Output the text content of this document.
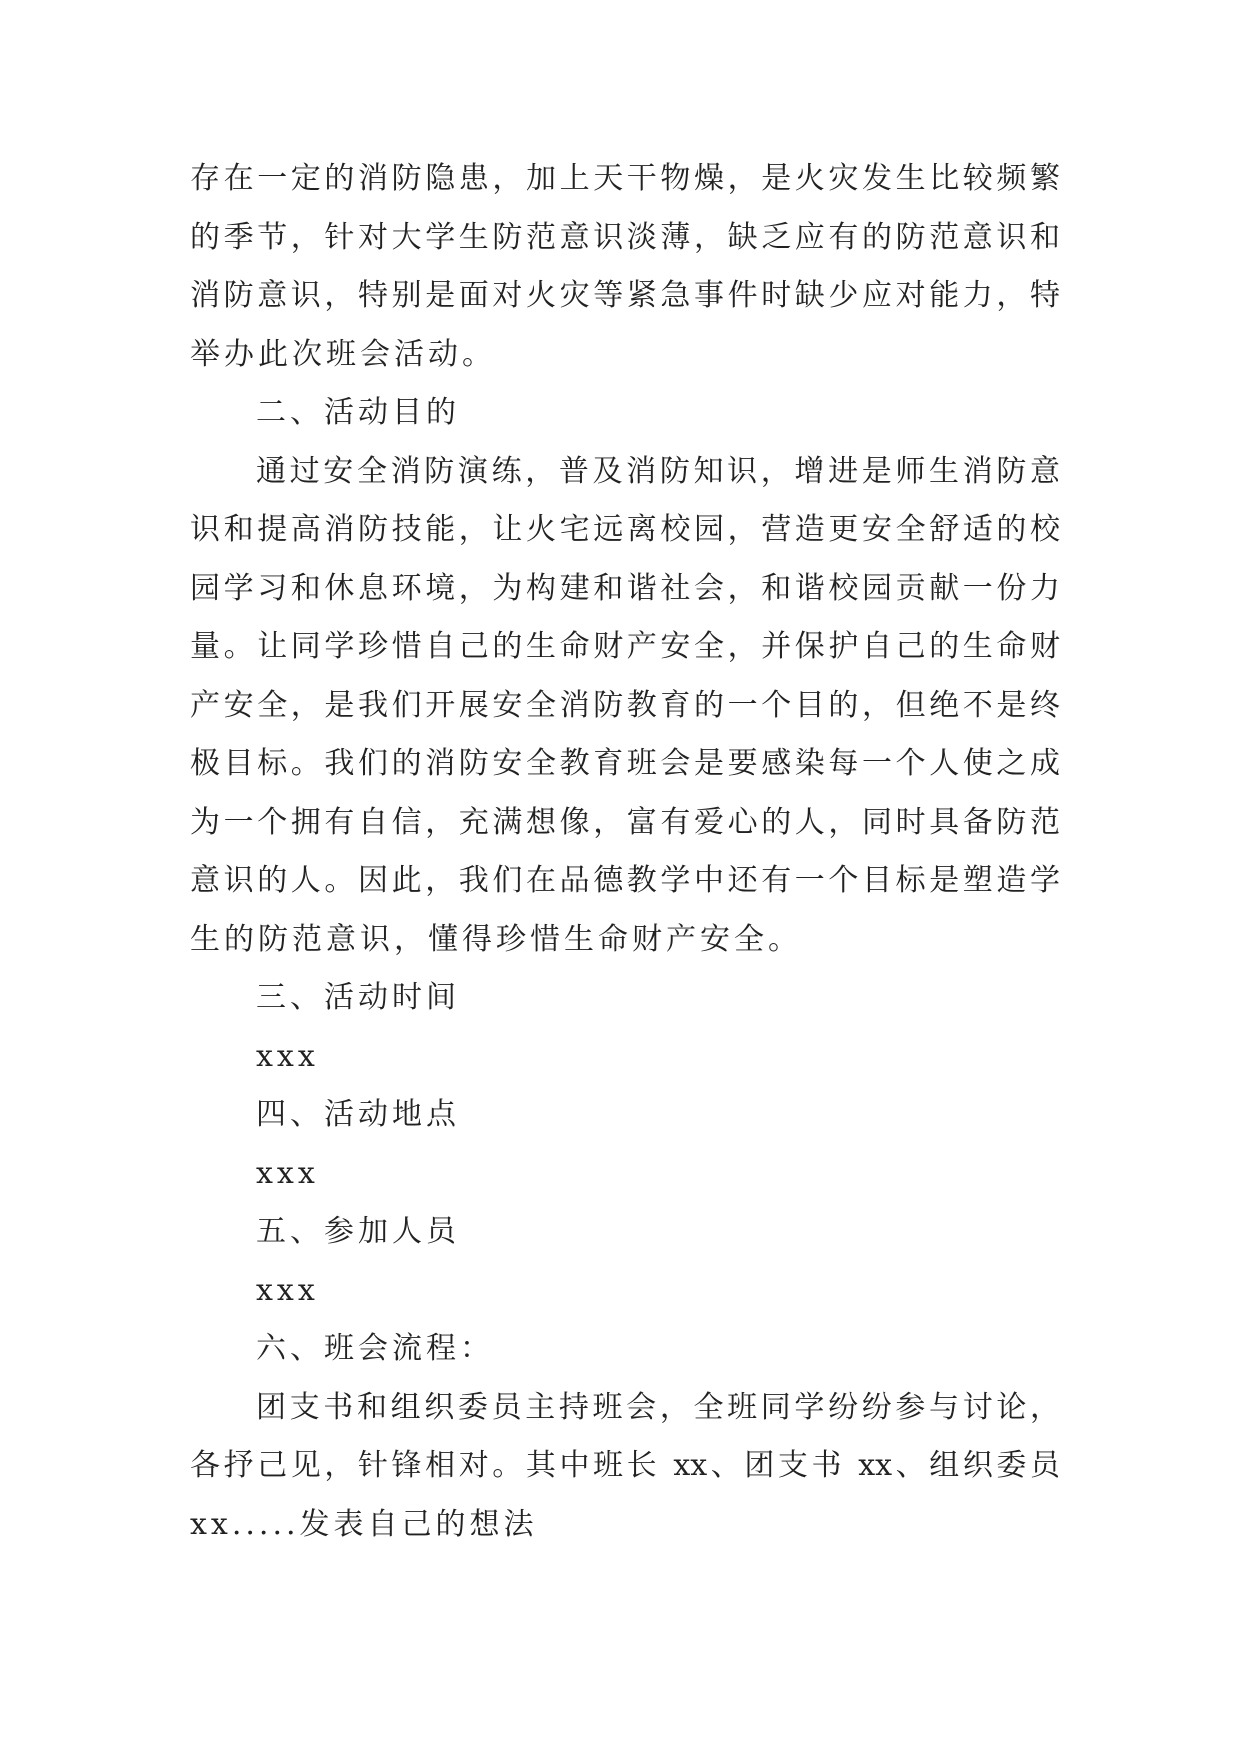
存在一定的消防隐患，加上天干物燥，是火灾发生比较频繁
的季节，针对大学生防范意识淡薄，缺乏应有的防范意识和
消防意识，特别是面对火灾等紧急事件时缺少应对能力，特
举办此次班会活动。
二、活动目的
通过安全消防演练，普及消防知识，增进是师生消防意
识和提高消防技能，让火宅远离校园，营造更安全舒适的校
园学习和休息环境，为构建和谐社会，和谐校园贡献一份力
量。让同学珍惜自己的生命财产安全，并保护自己的生命财
产安全，是我们开展安全消防教育的一个目的，但绝不是终
极目标。我们的消防安全教育班会是要感染每一个人使之成
为一个拥有自信，充满想像，富有爱心的人，同时具备防范
意识的人。因此，我们在品德教学中还有一个目标是塑造学
生的防范意识，懂得珍惜生命财产安全。
三、活动时间
xxx
四、活动地点
xxx
五、参加人员
xxx
六、班会流程：
团支书和组织委员主持班会，全班同学纷纷参与讨论，
各抒己见，针锋相对。其中班长 xx、团支书 xx、组织委员
xx.....发表自己的想法
